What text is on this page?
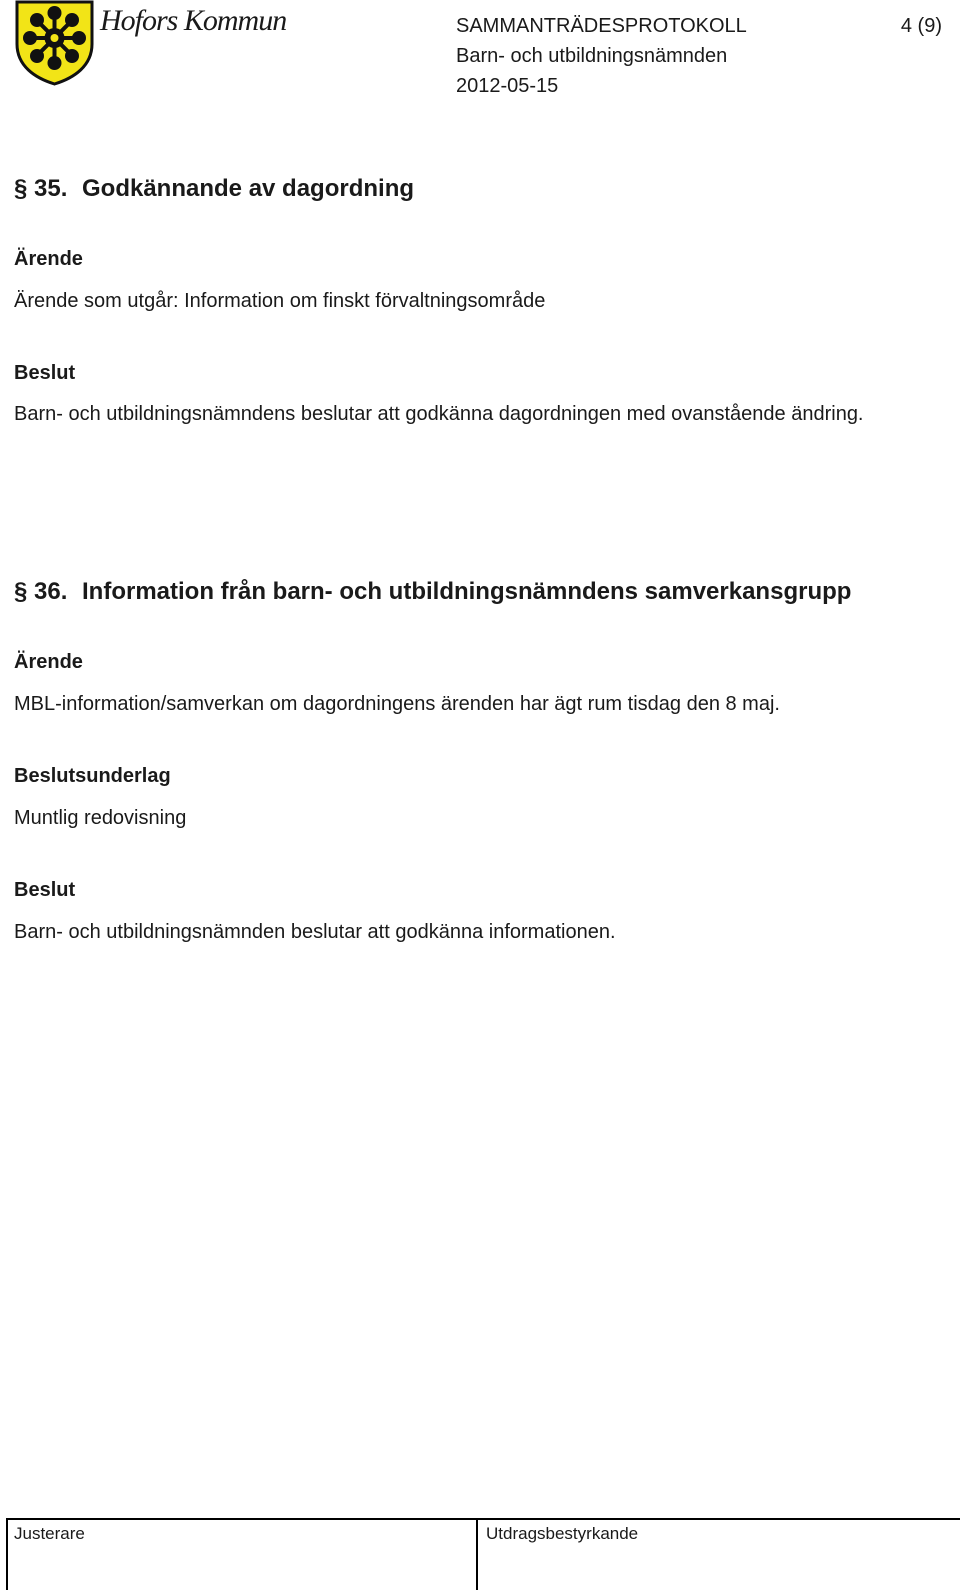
Hofors Kommun	SAMMANTRÄDESPROTOKOLL
Barn- och utbildningsnämnden
2012-05-15
4 (9)
§ 35. Godkännande av dagordning
Ärende
Ärende som utgår: Information om finskt förvaltningsområde
Beslut
Barn- och utbildningsnämndens beslutar att godkänna dagordningen med ovanstående ändring.
§ 36. Information från barn- och utbildningsnämndens samverkansgrupp
Ärende
MBL-information/samverkan om dagordningens ärenden har ägt rum tisdag den 8 maj.
Beslutsunderlag
Muntlig redovisning
Beslut
Barn- och utbildningsnämnden beslutar att godkänna informationen.
Justerare	Utdragsbestyrkande
